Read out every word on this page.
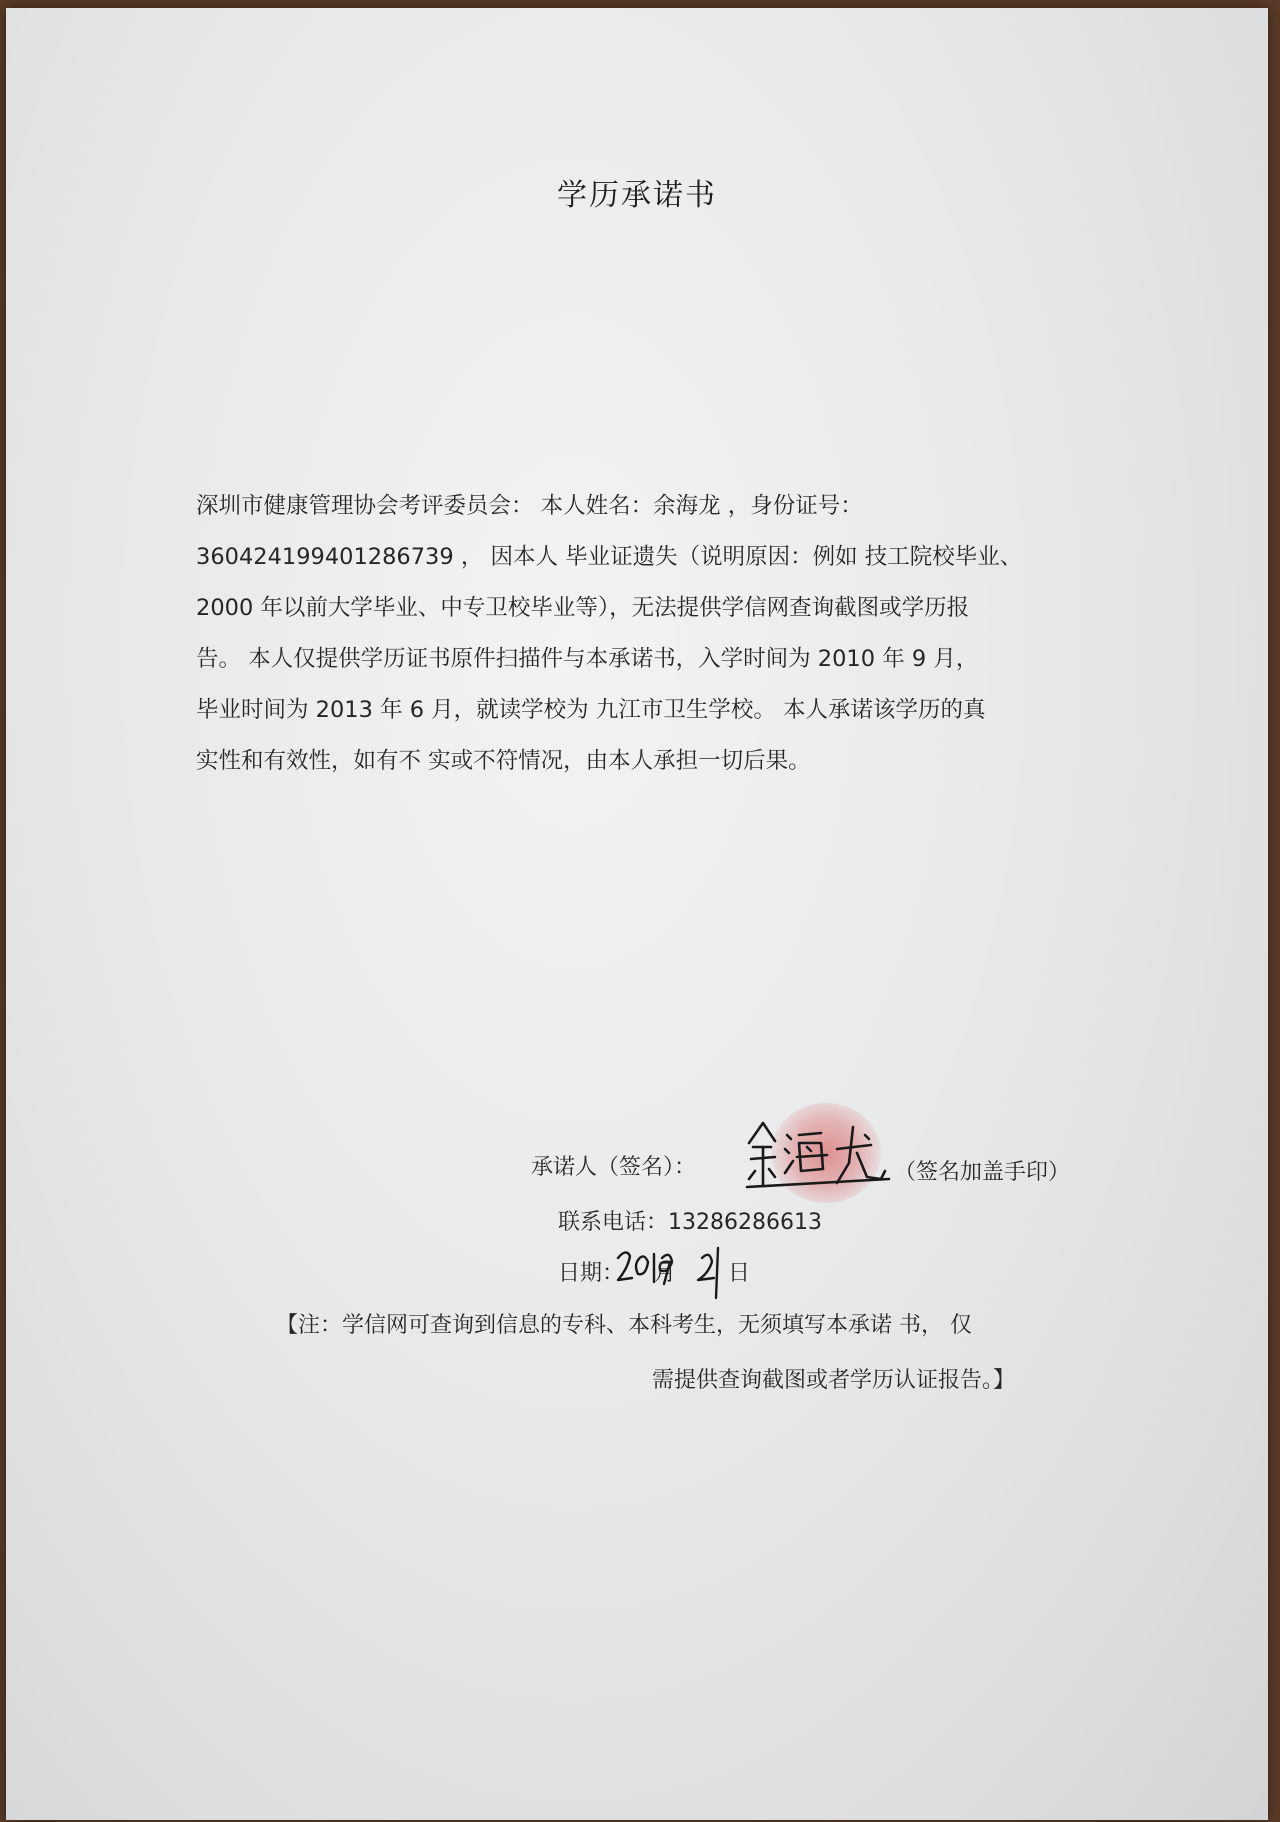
学历承诺书
深圳市健康管理协会考评委员会： 本人姓名：余海龙 ，身份证号：
360424199401286739 ， 因本人 毕业证遗失（说明原因：例如 技工院校毕业、
2000 年以前大学毕业、中专卫校毕业等），无法提供学信网查询截图或学历报
告。 本人仅提供学历证书原件扫描件与本承诺书，入学时间为 2010 年 9 月，
毕业时间为 2013 年 6 月，就读学校为 九江市卫生学校。 本人承诺该学历的真
实性和有效性，如有不 实或不符情况，由本人承担一切后果。
承诺人（签名）：	（签名加盖手印）
联系电话：13286286613
日期： 月 日
【注：学信网可查询到信息的专科、本科考生，无须填写本承诺 书， 仅
需提供查询截图或者学历认证报告。】
